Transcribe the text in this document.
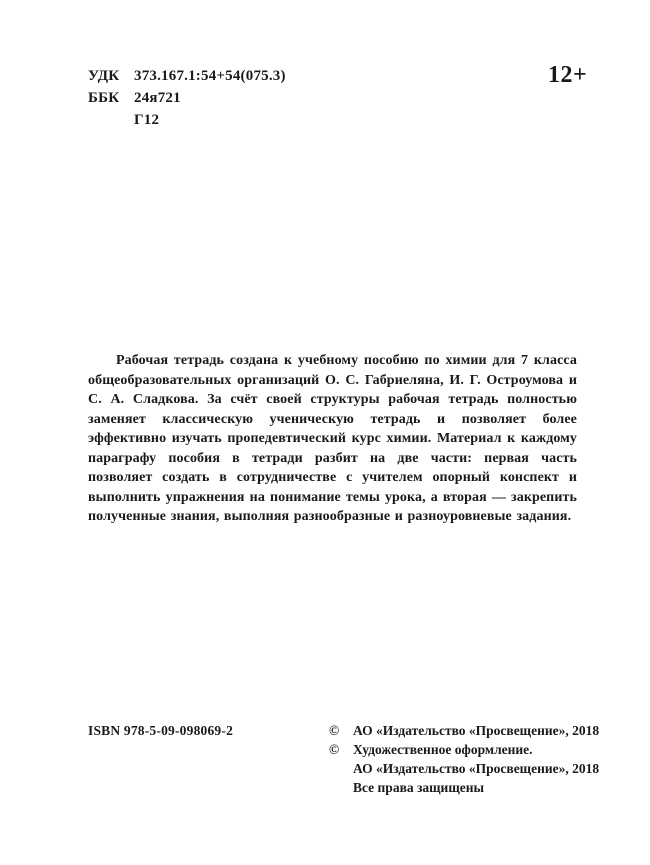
УДК 373.167.1:54+54(075.3)
ББК 24я721
Г12
12+

Рабочая тетрадь создана к учебному пособию по химии для 7 класса общеобразовательных организаций О. С. Габриеляна, И. Г. Остроумова и С. А. Сладкова. За счёт своей структуры рабочая тетрадь полностью заменяет классическую ученическую тетрадь и позволяет более эффективно изучать пропедевтический курс химии. Материал к каждому параграфу пособия в тетради разбит на две части: первая часть позволяет создать в сотрудничестве с учителем опорный конспект и выполнить упражнения на понимание темы урока, а вторая — закрепить полученные знания, выполняя разнообразные и разноуровневые задания.

ISBN 978-5-09-098069-2	©	АО «Издательство «Просвещение», 2018
©	Художественное оформление.
АО «Издательство «Просвещение», 2018
Все права защищены
